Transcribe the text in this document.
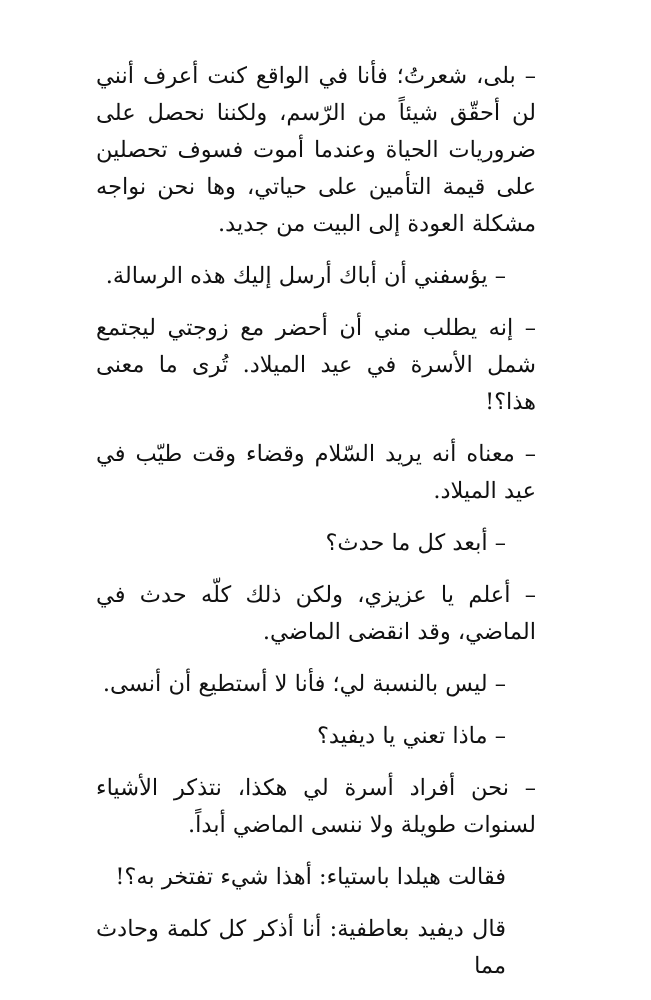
– بلى، شعرتُ؛ فأنا في الواقع كنت أعرف أنني لن أحقّق شيئاً من الرّسم، ولكننا نحصل على ضروريات الحياة وعندما أموت فسوف تحصلين على قيمة التأمين على حياتي، وها نحن نواجه مشكلة العودة إلى البيت من جديد.

– يؤسفني أن أباك أرسل إليك هذه الرسالة.

– إنه يطلب مني أن أحضر مع زوجتي ليجتمع شمل الأسرة في عيد الميلاد. تُرى ما معنى هذا؟!

– معناه أنه يريد السّلام وقضاء وقت طيّب في عيد الميلاد.

– أبعد كل ما حدث؟

– أعلم يا عزيزي، ولكن ذلك كلّه حدث في الماضي، وقد انقضى الماضي.

– ليس بالنسبة لي؛ فأنا لا أستطيع أن أنسى.

– ماذا تعني يا ديفيد؟

– نحن أفراد أسرة لي هكذا، نتذكر الأشياء لسنوات طويلة ولا ننسى الماضي أبداً.

فقالت هيلدا باستياء: أهذا شيء تفتخر به؟!

قال ديفيد بعاطفية: أنا أذكر كل كلمة وحادث مما
